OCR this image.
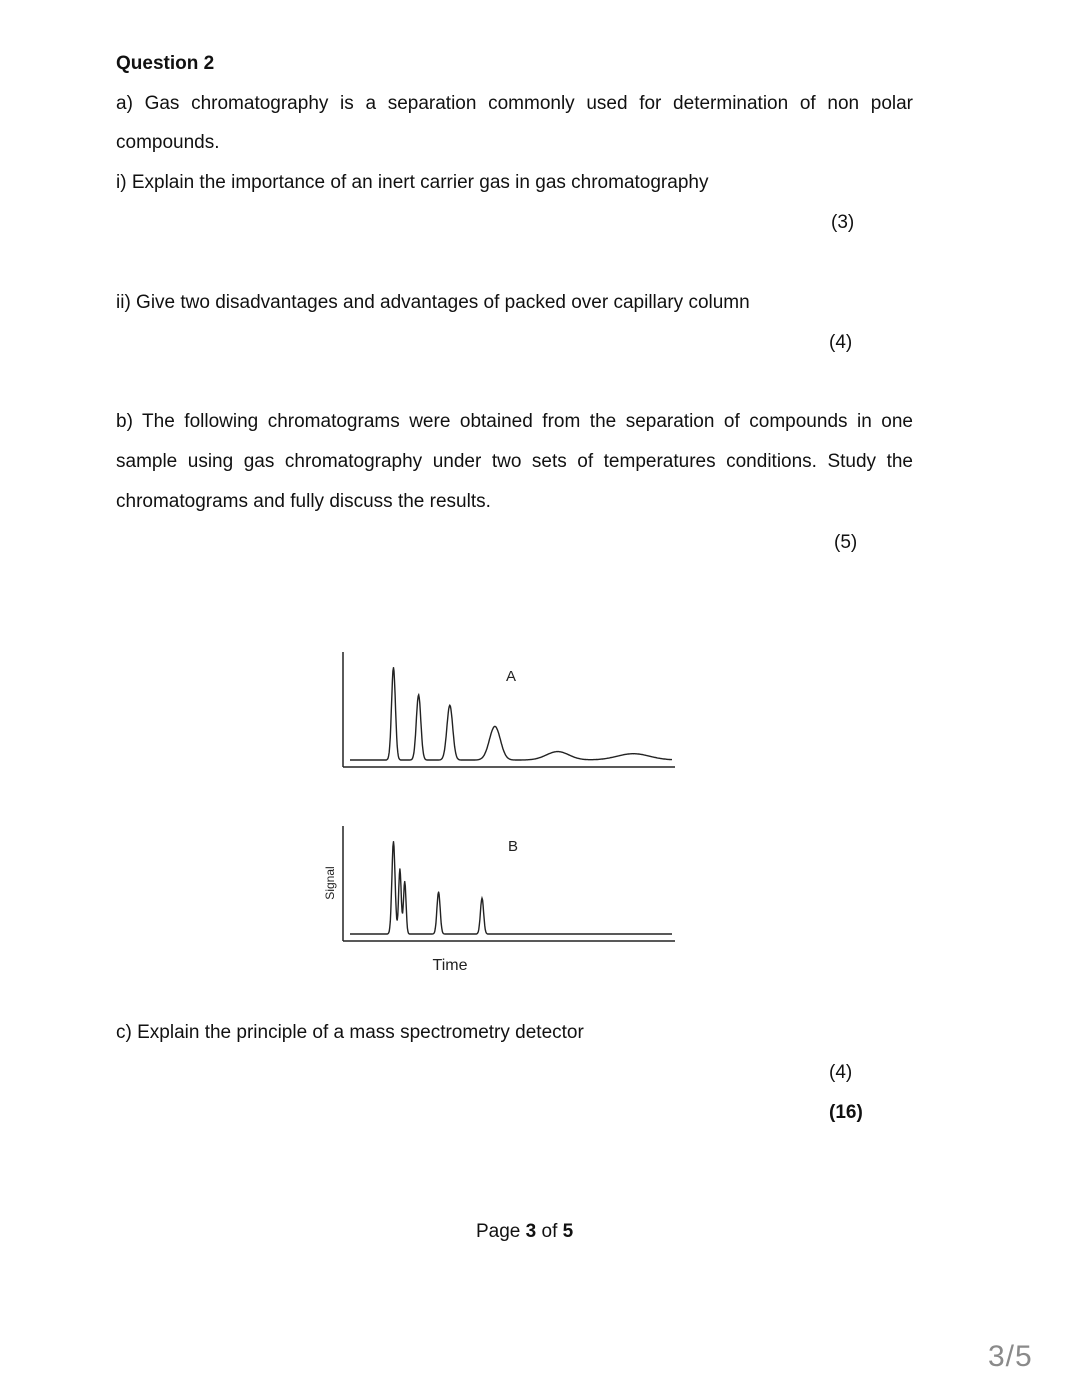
Question 2
a) Gas chromatography is a separation commonly used for determination of non polar
compounds.
i) Explain the importance of an inert carrier gas in gas chromatography
(3)
ii) Give two disadvantages and advantages of packed over capillary column
(4)
b) The following chromatograms were obtained from the separation of compounds in one
sample using gas chromatography under two sets of temperatures conditions. Study the
chromatograms and fully discuss the results.
(5)
A
B
Signal
Time
c) Explain the principle of a mass spectrometry detector
(4)
(16)
Page 3 of 5
3/5
